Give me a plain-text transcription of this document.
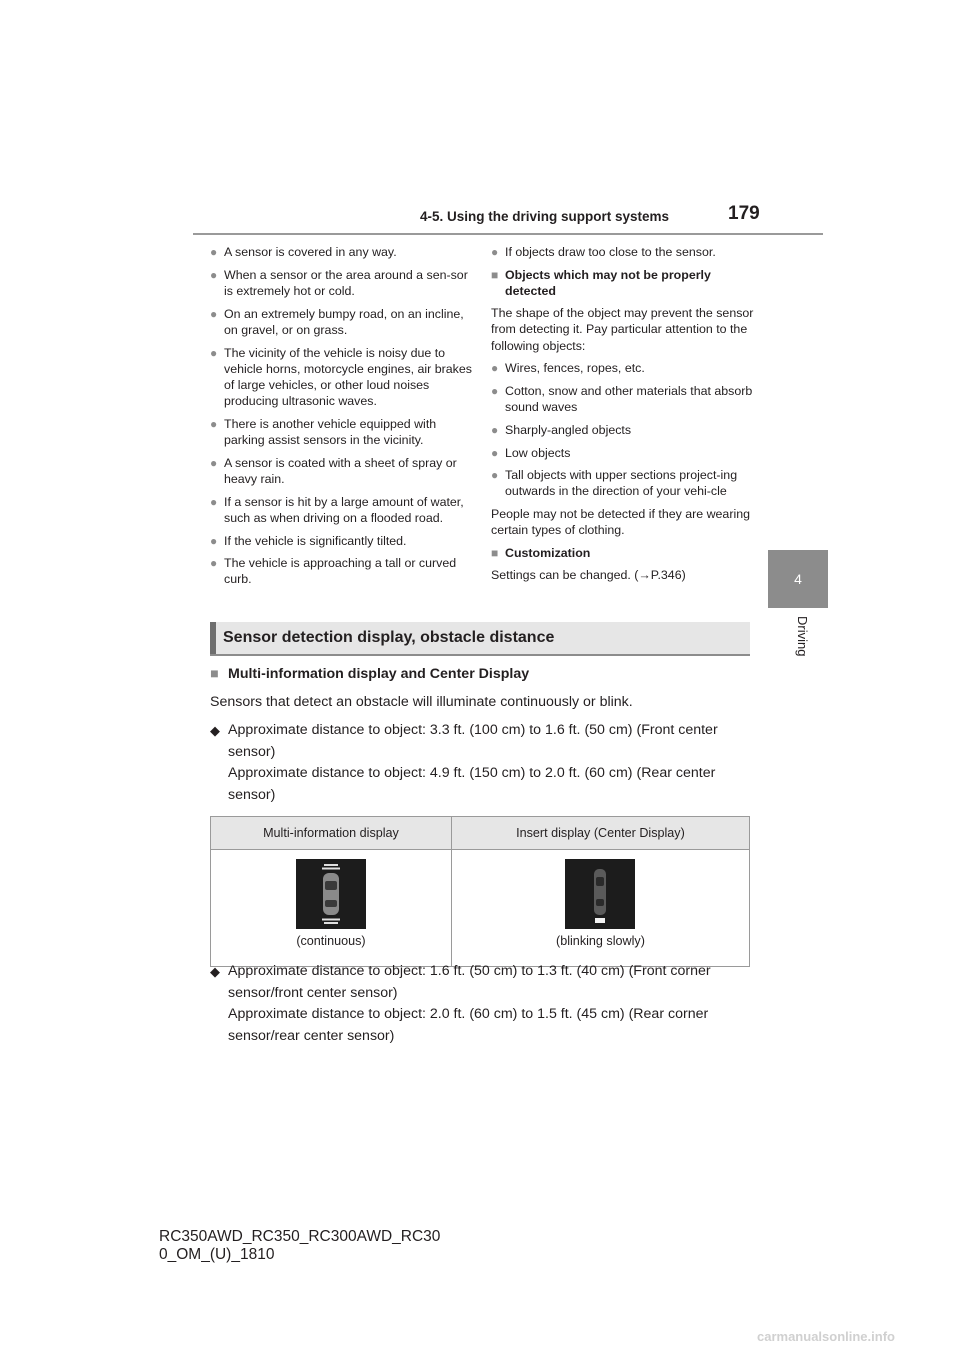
4-5. Using the driving support systems	179
4
Driving
● A sensor is covered in any way.
● When a sensor or the area around a sen-sor is extremely hot or cold.
● On an extremely bumpy road, on an incline, on gravel, or on grass.
● The vicinity of the vehicle is noisy due to vehicle horns, motorcycle engines, air brakes of large vehicles, or other loud noises producing ultrasonic waves.
● There is another vehicle equipped with parking assist sensors in the vicinity.
● A sensor is coated with a sheet of spray or heavy rain.
● If a sensor is hit by a large amount of water, such as when driving on a flooded road.
● If the vehicle is significantly tilted.
● The vehicle is approaching a tall or curved curb.
● If objects draw too close to the sensor.
■ Objects which may not be properly detected
The shape of the object may prevent the sensor from detecting it. Pay particular attention to the following objects:
● Wires, fences, ropes, etc.
● Cotton, snow and other materials that absorb sound waves
● Sharply-angled objects
● Low objects
● Tall objects with upper sections project-ing outwards in the direction of your vehi-cle
People may not be detected if they are wearing certain types of clothing.
■ Customization
Settings can be changed. (→P.346)
Sensor detection display, obstacle distance
■ Multi-information display and Center Display
Sensors that detect an obstacle will illuminate continuously or blink.
◆ Approximate distance to object: 3.3 ft. (100 cm) to 1.6 ft. (50 cm) (Front center sensor)
Approximate distance to object: 4.9 ft. (150 cm) to 2.0 ft. (60 cm) (Rear center sensor)
Multi-information display	Insert display (Center Display)

(continuous)	(blinking slowly)
◆ Approximate distance to object: 1.6 ft. (50 cm) to 1.3 ft. (40 cm) (Front corner sensor/front center sensor)
Approximate distance to object: 2.0 ft. (60 cm) to 1.5 ft. (45 cm) (Rear corner sensor/rear center sensor)
RC350AWD_RC350_RC300AWD_RC30
0_OM_(U)_1810
carmanualsonline.info
